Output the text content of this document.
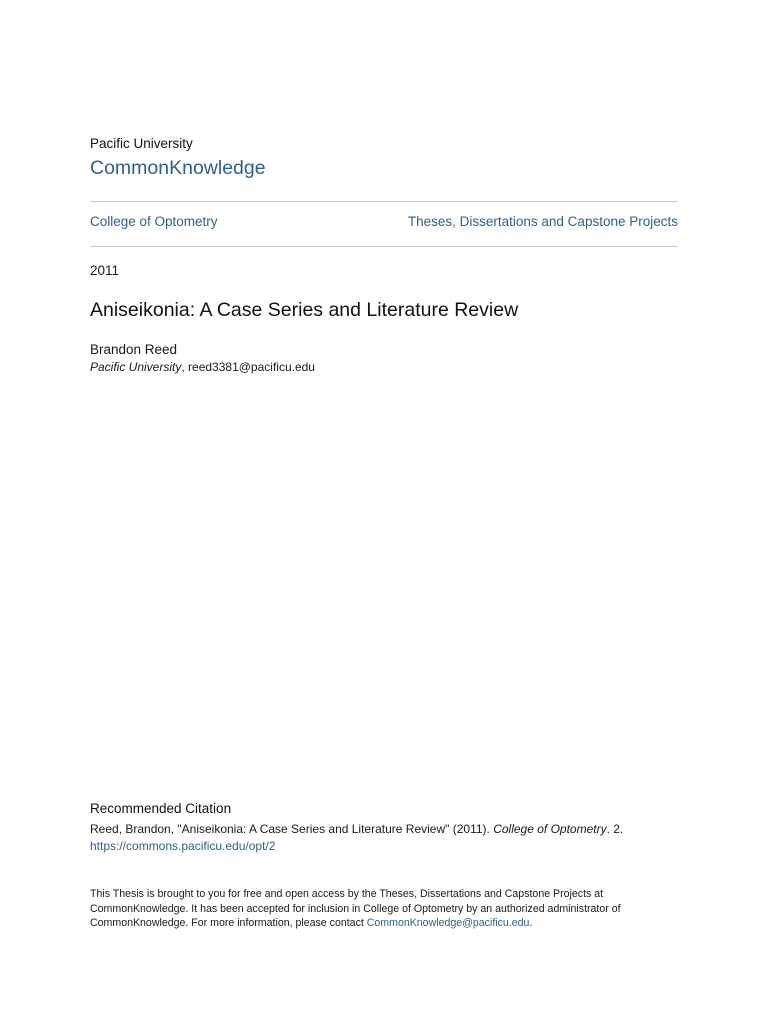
Pacific University
CommonKnowledge
College of Optometry	Theses, Dissertations and Capstone Projects
2011
Aniseikonia: A Case Series and Literature Review
Brandon Reed
Pacific University, reed3381@pacificu.edu
Recommended Citation
Reed, Brandon, "Aniseikonia: A Case Series and Literature Review" (2011). College of Optometry. 2.
https://commons.pacificu.edu/opt/2
This Thesis is brought to you for free and open access by the Theses, Dissertations and Capstone Projects at CommonKnowledge. It has been accepted for inclusion in College of Optometry by an authorized administrator of CommonKnowledge. For more information, please contact CommonKnowledge@pacificu.edu.
